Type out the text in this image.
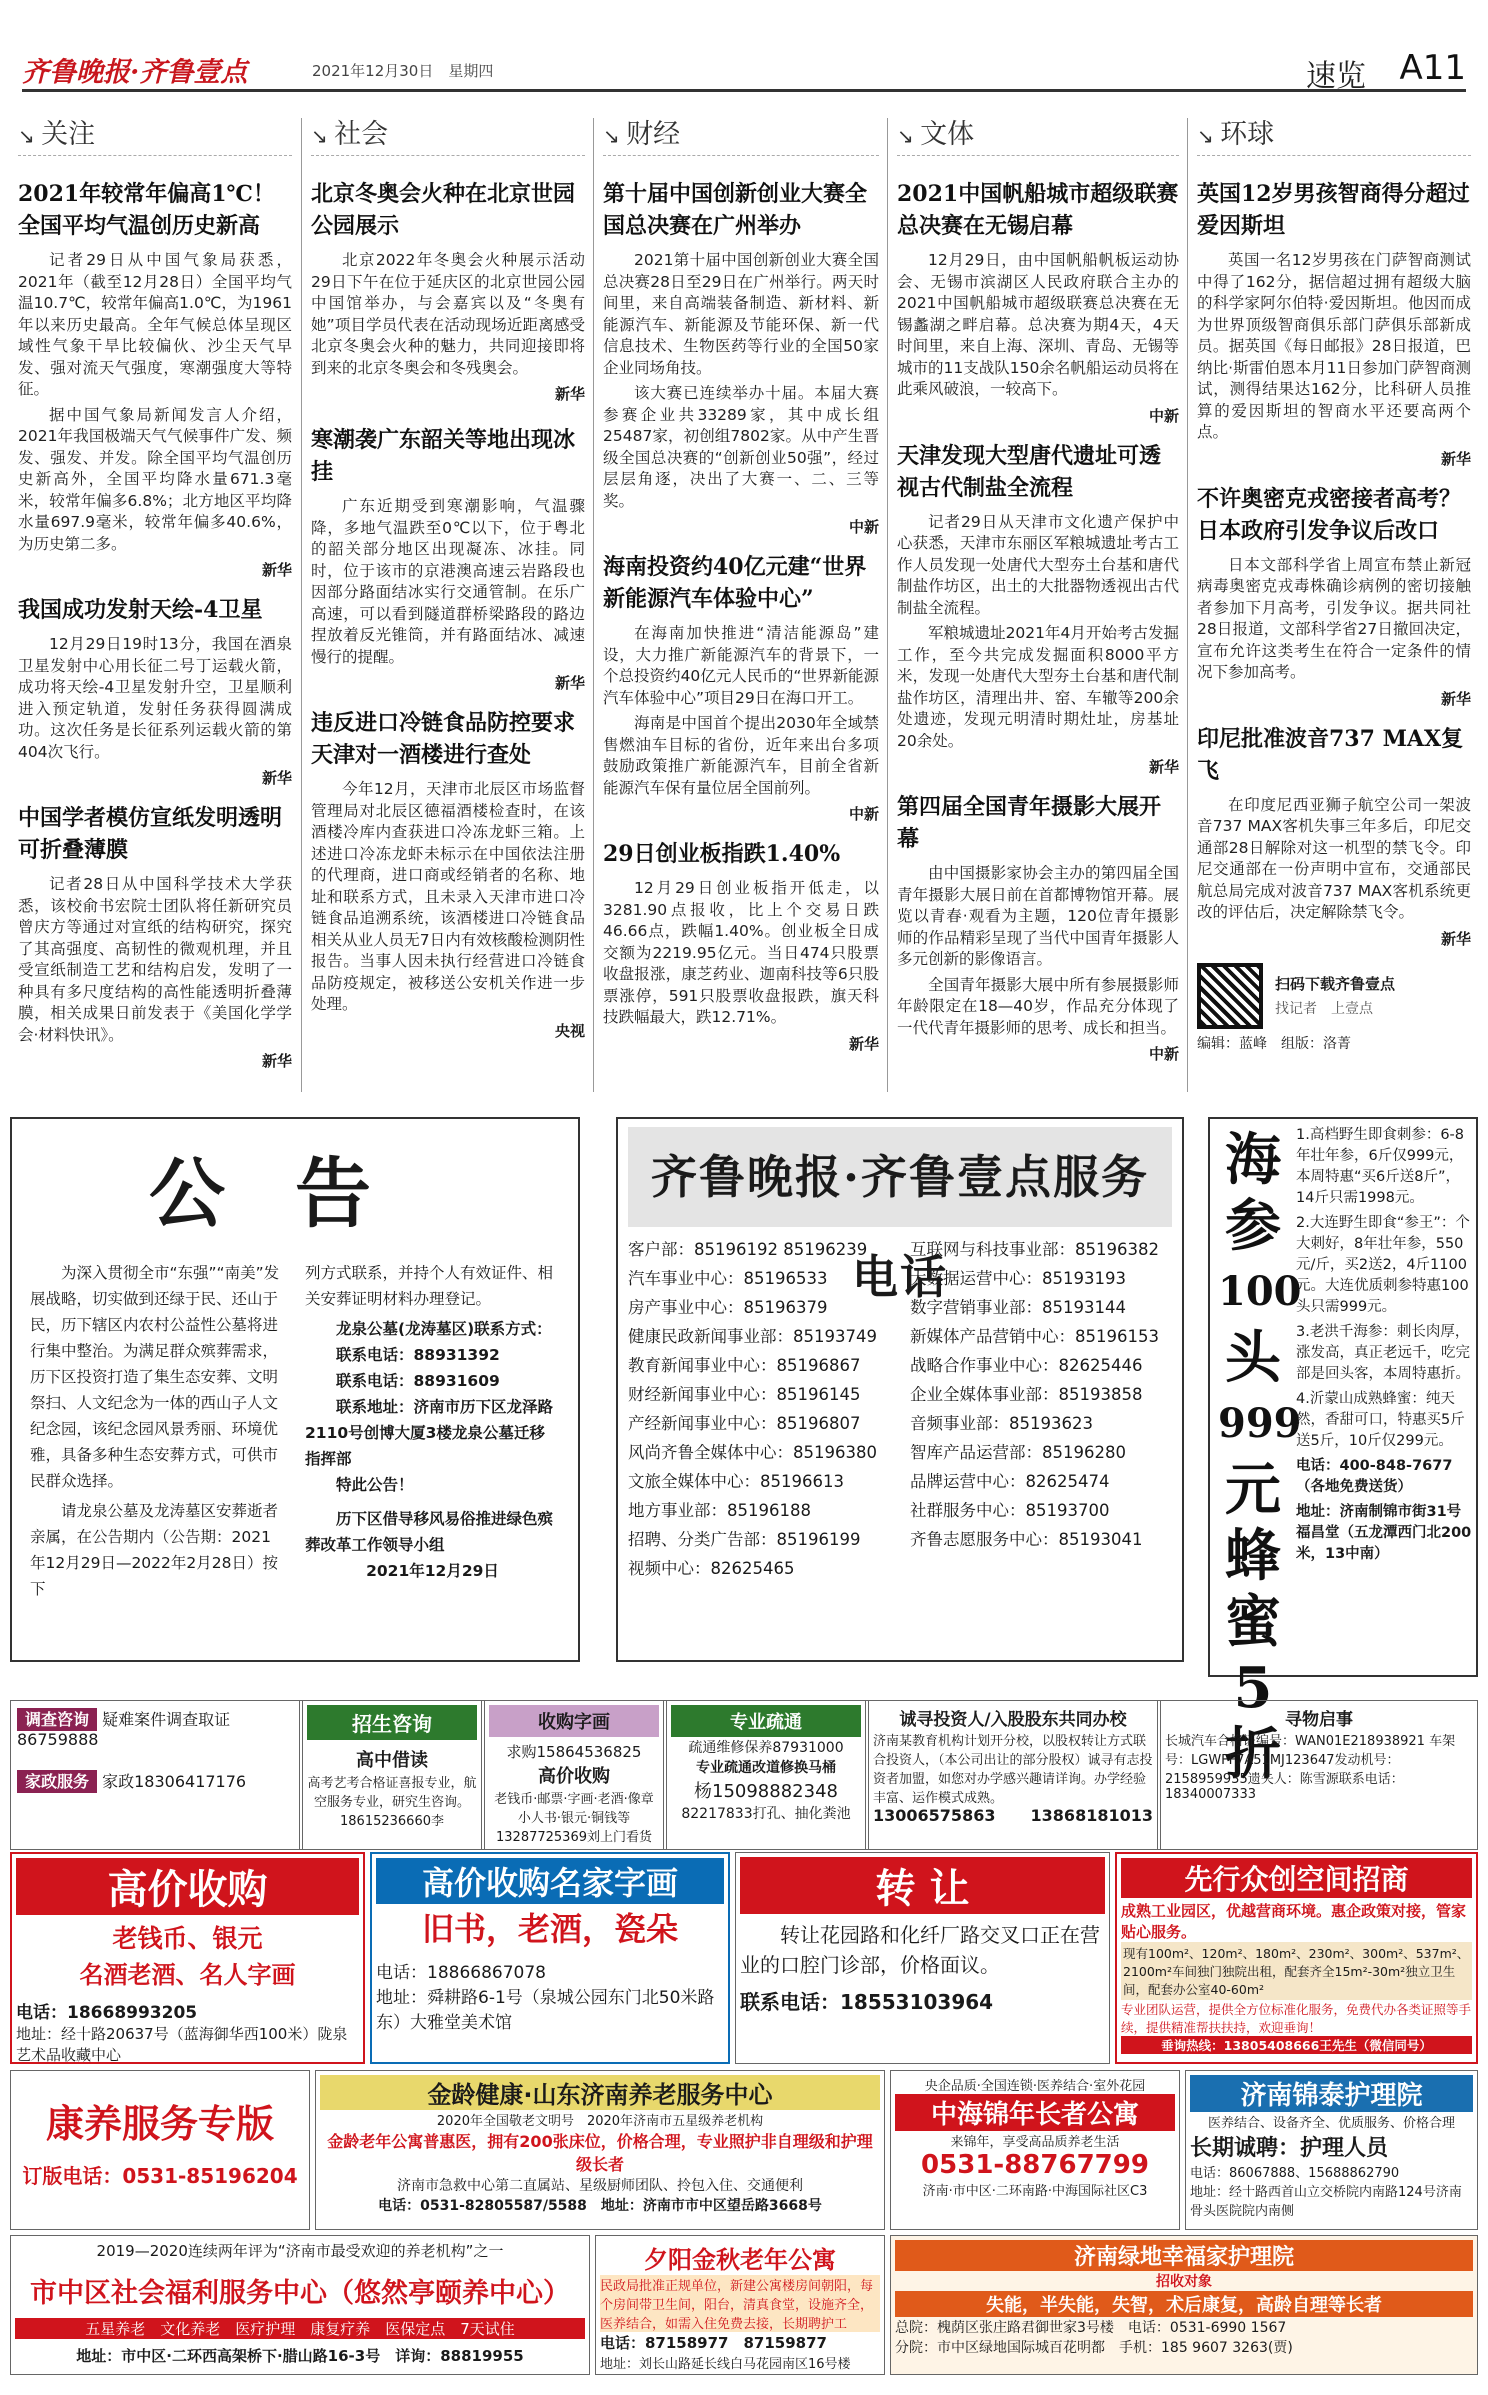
齐鲁晚报·齐鲁壹点	2021年12月30日　星期四	速览 A11
↘ 关注
2021年较常年偏高1℃！全国平均气温创历史新高

记者29日从中国气象局获悉，2021年（截至12月28日）全国平均气温10.7℃，较常年偏高1.0℃，为1961年以来历史最高。全年气候总体呈现区域性气象干旱比较偏伙、沙尘天气早发、强对流天气强度，寒潮强度大等特征。

据中国气象局新闻发言人介绍，2021年我国极端天气气候事件广发、频发、强发、并发。除全国平均气温创历史新高外，全国平均降水量671.3毫米，较常年偏多6.8%；北方地区平均降水量697.9毫米，较常年偏多40.6%，为历史第二多。

新华
我国成功发射天绘-4卫星

12月29日19时13分，我国在酒泉卫星发射中心用长征二号丁运载火箭，成功将天绘-4卫星发射升空，卫星顺利进入预定轨道，发射任务获得圆满成功。这次任务是长征系列运载火箭的第404次飞行。

新华
中国学者模仿宣纸发明透明可折叠薄膜

记者28日从中国科学技术大学获悉，该校俞书宏院士团队将任新研究员曾庆方等通过对宣纸的结构研究，探究了其高强度、高韧性的微观机理，并且受宣纸制造工艺和结构启发，发明了一种具有多尺度结构的高性能透明折叠薄膜，相关成果日前发表于《美国化学学会·材料快讯》。

新华
↘ 社会
北京冬奥会火种在北京世园公园展示

北京2022年冬奥会火种展示活动29日下午在位于延庆区的北京世园公园中国馆举办，与会嘉宾以及“冬奥有她”项目学员代表在活动现场近距离感受北京冬奥会火种的魅力，共同迎接即将到来的北京冬奥会和冬残奥会。

新华
寒潮袭广东韶关等地出现冰挂

广东近期受到寒潮影响，气温骤降，多地气温跌至0℃以下，位于粤北的韶关部分地区出现凝冻、冰挂。同时，位于该市的京港澳高速云岩路段也因部分路面结冰实行交通管制。在乐广高速，可以看到隧道群桥梁路段的路边捏放着反光锥筒，并有路面结冰、减速慢行的提醒。

新华
违反进口冷链食品防控要求天津对一酒楼进行查处

今年12月，天津市北辰区市场监督管理局对北辰区德福酒楼检查时，在该酒楼冷库内查获进口冷冻龙虾三箱。上述进口冷冻龙虾未标示在中国依法注册的代理商，进口商或经销者的名称、地址和联系方式，且未录入天津市进口冷链食品追溯系统，该酒楼进口冷链食品相关从业人员无7日内有效核酸检测阴性报告。当事人因未执行经营进口冷链食品防疫规定，被移送公安机关作进一步处理。

央视
↘ 财经
第十届中国创新创业大赛全国总决赛在广州举办

2021第十届中国创新创业大赛全国总决赛28日至29日在广州举行。两天时间里，来自高端装备制造、新材料、新能源汽车、新能源及节能环保、新一代信息技术、生物医药等行业的全国50家企业同场角技。

该大赛已连续举办十届。本届大赛参赛企业共33289家，其中成长组25487家，初创组7802家。从中产生晋级全国总决赛的“创新创业50强”，经过层层角逐，决出了大赛一、二、三等奖。

中新
海南投资约40亿元建“世界新能源汽车体验中心”

在海南加快推进“清洁能源岛”建设，大力推广新能源汽车的背景下，一个总投资约40亿元人民币的“世界新能源汽车体验中心”项目29日在海口开工。

海南是中国首个提出2030年全域禁售燃油车目标的省份，近年来出台多项鼓励政策推广新能源汽车，目前全省新能源汽车保有量位居全国前列。

中新
29日创业板指跌1.40%

12月29日创业板指开低走，以3281.90点报收，比上个交易日跌46.66点，跌幅1.40%。创业板全日成交额为2219.95亿元。当日474只股票收盘报涨，康芝药业、迦南科技等6只股票涨停，591只股票收盘报跌，旗天科技跌幅最大，跌12.71%。

新华
↘ 文体
2021中国帆船城市超级联赛总决赛在无锡启幕

12月29日，由中国帆船帆板运动协会、无锡市滨湖区人民政府联合主办的2021中国帆船城市超级联赛总决赛在无锡蠡湖之畔启幕。总决赛为期4天，4天时间里，来自上海、深圳、青岛、无锡等城市的11支战队150余名帆船运动员将在此乘风破浪，一较高下。

中新
天津发现大型唐代遗址可透视古代制盐全流程

记者29日从天津市文化遗产保护中心获悉，天津市东丽区军粮城遗址考古工作人员发现一处唐代大型夯土台基和唐代制盐作坊区，出土的大批器物透视出古代制盐全流程。

军粮城遗址2021年4月开始考古发掘工作，至今共完成发掘面积8000平方米，发现一处唐代大型夯土台基和唐代制盐作坊区，清理出井、窑、车辙等200余处遗迹，发现元明清时期灶址，房基址20余处。

新华
第四届全国青年摄影大展开幕

由中国摄影家协会主办的第四届全国青年摄影大展日前在首都博物馆开幕。展览以青春·观看为主题，120位青年摄影师的作品精彩呈现了当代中国青年摄影人多元创新的影像语言。

全国青年摄影大展中所有参展摄影师年龄限定在18—40岁，作品充分体现了一代代青年摄影师的思考、成长和担当。

中新
↘ 环球
英国12岁男孩智商得分超过爱因斯坦

英国一名12岁男孩在门萨智商测试中得了162分，据信超过拥有超级大脑的科学家阿尔伯特·爱因斯坦。他因而成为世界顶级智商俱乐部门萨俱乐部新成员。据英国《每日邮报》28日报道，巴纳比·斯雷伯恩本月11日参加门萨智商测试，测得结果达162分，比科研人员推算的爱因斯坦的智商水平还要高两个点。

新华
不许奥密克戎密接者高考？日本政府引发争议后改口

日本文部科学省上周宣布禁止新冠病毒奥密克戎毒株确诊病例的密切接触者参加下月高考，引发争议。据共同社28日报道，文部科学省27日撤回决定，宣布允许这类考生在符合一定条件的情况下参加高考。

新华
印尼批准波音737 MAX复飞

在印度尼西亚狮子航空公司一架波音737 MAX客机失事三年多后，印尼交通部28日解除对这一机型的禁飞令。印尼交通部在一份声明中宣布，交通部民航总局完成对波音737 MAX客机系统更改的评估后，决定解除禁飞令。

新华
扫码下载齐鲁壹点
找记者　上壹点
编辑：蓝峰　组版：洛菁
公告

为深入贯彻全市“东强”“南美”发展战略，切实做到还绿于民、还山于民，历下辖区内农村公益性公墓将进行集中整治。为满足群众殡葬需求，历下区投资打造了集生态安葬、文明祭扫、人文纪念为一体的西山子人文纪念园，该纪念园风景秀丽、环境优雅，具备多种生态安葬方式，可供市民群众选择。

请龙泉公墓及龙涛墓区安葬逝者亲属，在公告期内（公告期：2021年12月29日—2022年2月28日）按下

列方式联系，并持个人有效证件、相关安葬证明材料办理登记。

龙泉公墓(龙涛墓区)联系方式：

联系电话：88931392

联系电话：88931609

联系地址：济南市历下区龙泽路2110号创博大厦3楼龙泉公墓迁移指挥部

特此公告！

历下区借导移风易俗推进绿色殡葬改革工作领导小组

2021年12月29日

齐鲁晚报·齐鲁壹点服务电话
客户部：85196192 85196239	互联网与科技事业部：85196382
汽车事业中心：85196533	大数据运营中心：85193193
房产事业中心：85196379	数字营销事业部：85193144
健康民政新闻事业部：85193749	新媒体产品营销中心：85196153
教育新闻事业中心：85196867	战略合作事业中心：82625446
财经新闻事业中心：85196145	企业全媒体事业部：85193858
产经新闻事业中心：85196807	音频事业部：85193623
风尚齐鲁全媒体中心：85196380	智库产品运营部：85196280
文旅全媒体中心：85196613	品牌运营中心：82625474
地方事业部：85196188	社群服务中心：85193700
招聘、分类广告部：85196199	齐鲁志愿服务中心：85193041
视频中心：82625465
海
参
100
头
999
元
蜂
蜜
5
折

1.高档野生即食刺参：6-8年壮年参，6斤仅999元，本周特惠“买6斤送8斤”，14斤只需1998元。

2.大连野生即食“参王”：个大刺好，8年壮年参，550元/斤，买2送2，4斤1100元。大连优质刺参特惠100头只需999元。

3.老洪千海参：刺长肉厚，涨发高，真正老远千，吃完部是回头客，本周特惠折。

4.沂蒙山成熟蜂蜜：纯天然，香甜可口，特惠买5斤送5斤，10斤仅299元。

电话：400-848-7677（各地免费送货）

地址：济南制锦市街31号福昌堂（五龙潭西门北200米，13中南）

调查咨询 疑难案件调查取证86759888
家政服务 家政18306417176
招生咨询
高中借读
高考艺考合格证喜报专业，航空服务专业，研究生咨询。18615236660李
收购字画
求购15864536825
高价收购
老钱币·邮票·字画·老酒·像章小人书·银元·铜钱等13287725369刘上门看货
专业疏通
疏通维修保养87931000
专业疏通改道修换马桶
杨15098882348
82217833打孔、抽化粪池
诚寻投资人/入股股东共同办校
济南某教育机构计划开分校，以股权转让方式联合投资人，（本公司出让的部分股权）诚寻有志投资者加盟，如您对办学感兴趣请详询。办学经验丰富、运作模式成熟。
13006575863 13868181013
寻物启事
长城汽车合格证编号：WAN01E218938921 车架号：LGWFF7A51MJ123647发动机号：2158959935遗失人：陈雪源联系电话：18340007333
高价收购
老钱币、银元
名酒老酒、名人字画
电话：18668993205
地址：经十路20637号（蓝海御华西100米）陇泉艺术品收藏中心
高价收购名家字画
旧书，老酒，瓷朵
电话：18866867078
地址：舜耕路6-1号（泉城公园东门北50米路东）大雅堂美术馆
转 让
转让花园路和化纤厂路交叉口正在营业的口腔门诊部，价格面议。
联系电话：18553103964
先行众创空间招商
成熟工业园区，优越营商环境。惠企政策对接，管家贴心服务。
现有100m²、120m²、180m²、230m²、300m²、537m²、2100m²车间独门独院出租，配套齐全15m²-30m²独立卫生间，配套办公室40-60m²
专业团队运营，提供全方位标准化服务，免费代办各类证照等手续，提供精准帮扶扶持，欢迎垂询！
垂询热线：13805408666王先生（微信同号）
康养服务专版
订版电话：0531-85196204
金龄健康·山东济南养老服务中心
2020年全国敬老文明号　2020年济南市五星级养老机构
金龄老年公寓普惠医，拥有200张床位，价格合理，专业照护非自理级和护理级长者
济南市急救中心第二直属站、星级厨师团队、拎包入住、交通便利
电话：0531-82805587/5588　地址：济南市市中区望岳路3668号
央企品质·全国连锁·医养结合·室外花园
中海锦年长者公寓
来锦年，享受高品质养老生活
0531-88767799
济南·市中区·二环南路·中海国际社区C3
济南锦泰护理院
医养结合、设备齐全、优质服务、价格合理
长期诚聘：护理人员
电话：86067888、15688862790
地址：经十路西首山立交桥院内南路124号济南骨头医院院内南侧
2019—2020连续两年评为“济南市最受欢迎的养老机构”之一
市中区社会福利服务中心（悠然亭颐养中心）
五星养老　文化养老　医疗护理　康复疗养　医保定点　7天试住
地址：市中区·二环西高架桥下·腊山路16-3号　详询：88819955
夕阳金秋老年公寓
民政局批准正规单位，新建公寓楼房间朝阳，每个房间带卫生间，阳台，清真食堂，设施齐全，医养结合，如需入住免费去接，长期聘护工
电话：87158977　87159877
地址：刘长山路延长线白马花园南区16号楼
济南绿地幸福家护理院
招收对象
失能，半失能，失智，术后康复，高龄自理等长者
总院：槐荫区张庄路君御世家3号楼　电话：0531-6990 1567
分院：市中区绿地国际城百花明都　手机：185 9607 3263(贾)
